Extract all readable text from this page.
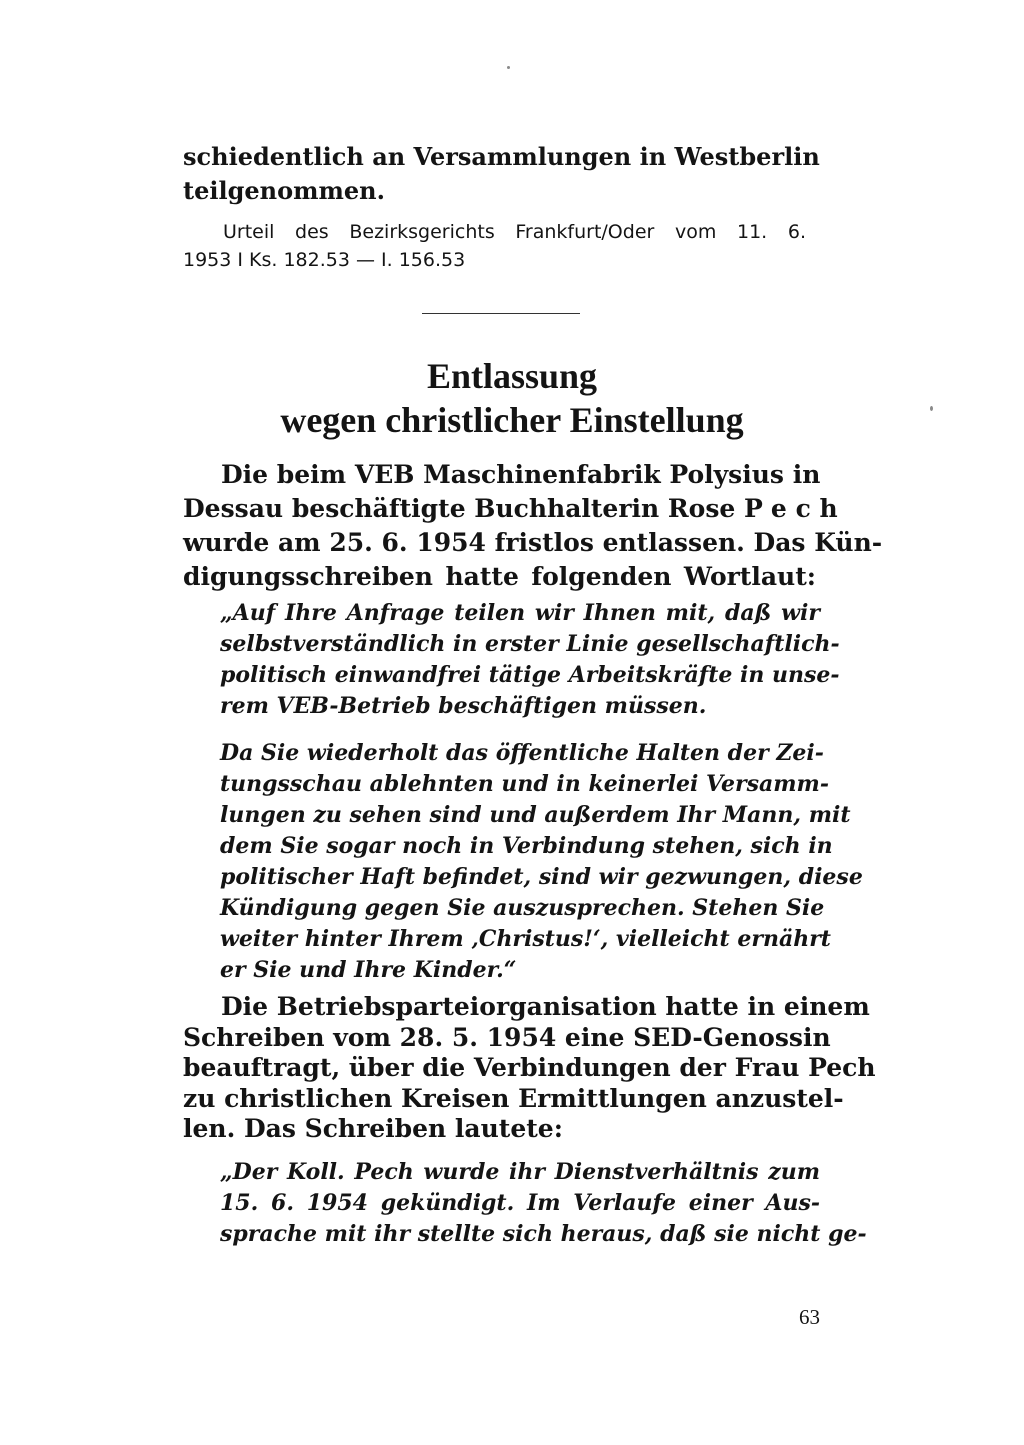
schiedentlich an Versammlungen in Westberlin
teilgenommen.
Urteil des Bezirksgerichts Frankfurt/Oder vom 11. 6.
1953 I Ks. 182.53 — I. 156.53
Entlassung
wegen christlicher Einstellung
Die beim VEB Maschinenfabrik Polysius in
Dessau beschäftigte Buchhalterin Rose Pech
wurde am 25. 6. 1954 fristlos entlassen. Das Kün-
digungsschreiben hatte folgenden Wortlaut:

„Auf Ihre Anfrage teilen wir Ihnen mit, daß wir
selbstverständlich in erster Linie gesellschaftlich-
politisch einwandfrei tätige Arbeitskräfte in unse-
rem VEB-Betrieb beschäftigen müssen.

Da Sie wiederholt das öffentliche Halten der Zei-
tungsschau ablehnten und in keinerlei Versamm-
lungen zu sehen sind und außerdem Ihr Mann, mit
dem Sie sogar noch in Verbindung stehen, sich in
politischer Haft befindet, sind wir gezwungen, diese
Kündigung gegen Sie auszusprechen. Stehen Sie
weiter hinter Ihrem ‚Christus!‘, vielleicht ernährt
er Sie und Ihre Kinder.“

Die Betriebsparteiorganisation hatte in einem
Schreiben vom 28. 5. 1954 eine SED-Genossin
beauftragt, über die Verbindungen der Frau Pech
zu christlichen Kreisen Ermittlungen anzustel-
len. Das Schreiben lautete:
„Der Koll. Pech wurde ihr Dienstverhältnis zum
15. 6. 1954 gekündigt. Im Verlaufe einer Aus-
sprache mit ihr stellte sich heraus, daß sie nicht ge-
63
